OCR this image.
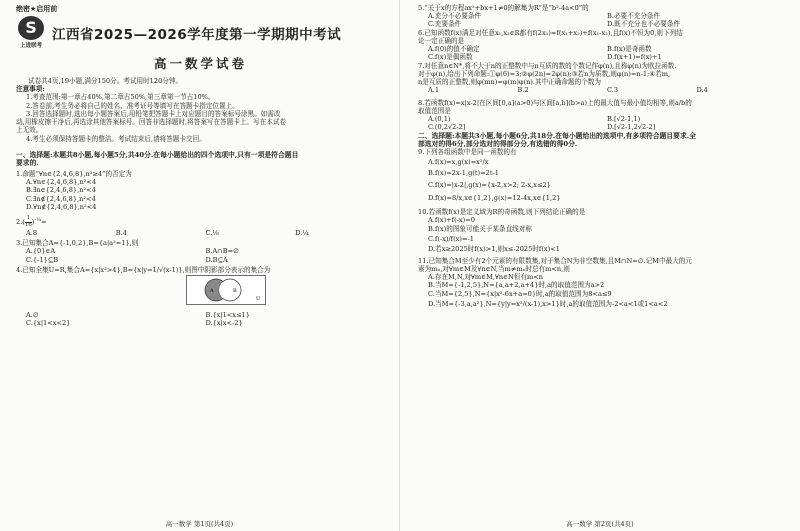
绝密★启用前
S
上进联考
江西省2025—2026学年度第一学期期中考试
高一数学试卷
试卷共4页,19小题,满分150分。考试用时120分钟。
注意事项:
1.考查范围:第一章占40%,第二章占50%,第三章第一节占10%。
2.答卷前,考生务必将自己的姓名、准考证号等填写在答题卡指定位置上。
3.回答选择题时,选出每小题答案后,用铅笔把答题卡上对应题目的答案标号涂黑。如需改
动,用橡皮擦干净后,再选涂其他答案标号。回答非选择题时,将答案写在答题卡上。写在本试卷
上无效。
4.考生必须保持答题卡的整洁。考试结束后,请将答题卡交回。
一、选择题:本题共8小题,每小题5分,共40分.在每小题给出的四个选项中,只有一项是符合题目
要求的.
1.命题“∀n∈{2,4,6,8},n²≥4”的否定为
A.∀n∈{2,4,6,8},n²<4
B.∃n∈{2,4,6,8},n²<4
C.∃n∉{2,4,6,8},n²<4
D.∀n∉{2,4,6,8},n²<4
$2.( \frac{1}{16} )^{-\frac{1}{4}}=$
A.8	B.4	C.⅛	D.¼
3.已知集合A={-1,0,2},B={a|a²=1},则
A.{0}∈A	B.A∩B=∅
C.{-1}⊆B	D.B⊆A
4.已知全集U=R,集合A={x|x²>4},B={x|y=1/√(x-1)},则图中阴影部分表示的集合为
A	B
U
A.∅	B.{x|1<x≤1}
C.{x|1<x<2}	D.{x|x<-2}
高一数学 第1页(共4页)
5.“关于x的方程ax²+bx+1≠0的解集为R”是“b²-4a<0”的
A.充分不必要条件	B.必要不充分条件
C.充要条件	D.既不充分也不必要条件
6.已知函数f(x)满足对任意x₁,x₂∈R都有f(2x₁)=f(x₁+x₂)+f(x₁-x₂),且f(x)不恒为0,则下列结
论一定正确的是
A.f(0)的值不确定	B.f(x)是奇函数
C.f(x)是偶函数	D.f(x+1)=f(x)+1
7.对任意n∈N*,将不大于n的正整数中与n互质的数的个数记作φ(n),且称φ(n)为欧拉函数.
对于φ(n),给出下列命题:①φ(6)=3;②φ(2n)=2φ(n);③若n为质数,则φ(n)=n-1;④若m,
n是互质的正整数,则φ(mn)=φ(m)φ(n).其中正确命题的个数为
A.1	B.2	C.3	D.4
8.若函数f(x)=x|x-2|在区间[0,a](a>0)与区间[a,b](b>a)上的最大值与最小值均相等,则a/b的
取值范围是
A.(0,1)	B.[√2-1,1)
C.(0,2√2-2]	D.[√2-1,2√2-2]
二、选择题:本题共3小题,每小题6分,共18分.在每小题给出的选项中,有多项符合题目要求.全
部选对的得6分,部分选对的得部分分,有选错的得0分.
9.下列各组函数中是同一函数的有
A.f(x)=x,g(x)=x²/x
B.f(x)=2x-1,g(t)=2t-1
C.f(x)=|x-2|,g(x)={x-2,x>2; 2-x,x≤2}
D.f(x)=8/x,x∈{1,2},g(x)=12-4x,x∈{1,2}
10.若函数f(x)是定义域为R的奇函数,则下列结论正确的是
A.f(x)+f(-x)=0
B.f(x)的图象可能关于某条直线对称
C.f(-x)/f(x)=-1
D.若x≥2025时f(x)>1,则x≤-2025时f(x)<1
11.已知集合M至少有2个元素的有限数集,对于集合N为非空数集,且M∩N=∅.记M中最大的元
素为mₓ,对∀m∈M及∀n∈N,当m≠mₓ时总有m<n,则
A.存在M,N,对∀m∈M,∀n∈N恒有m<n
B.当M={-1,2,5},N={a,a+2,a+4}时,a的取值范围为a>2
C.当M={2,5},N={x|x²-6x+a=0}时,a的取值范围为8<a≤9
D.当M={-3,a,a²},N={y|y=x²/(x-1),x>1}时,a的取值范围为-2<a<1或1<a<2
高一数学 第2页(共4页)
